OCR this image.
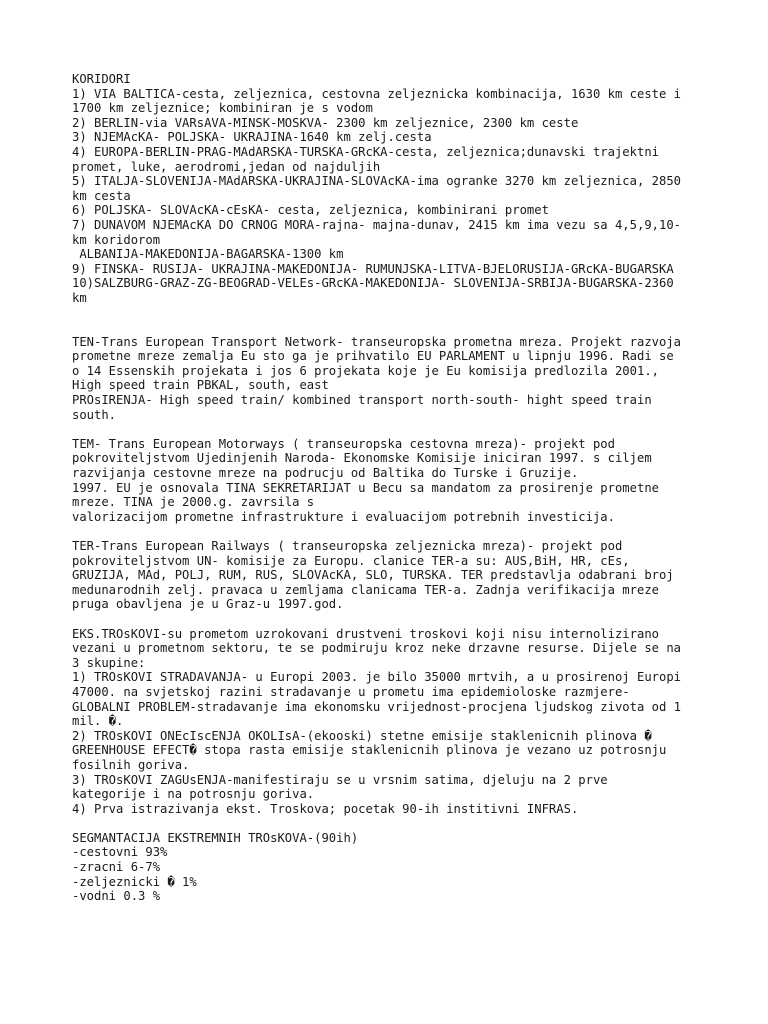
KORIDORI
1) VIA BALTICA-cesta, zeljeznica, cestovna zeljeznicka kombinacija, 1630 km ceste i
1700 km zeljeznice; kombiniran je s vodom
2) BERLIN-via VARsAVA-MINSK-MOSKVA- 2300 km zeljeznice, 2300 km ceste
3) NJEMAcKA- POLJSKA- UKRAJINA-1640 km zelj.cesta
4) EUROPA-BERLIN-PRAG-MAdARSKA-TURSKA-GRcKA-cesta, zeljeznica;dunavski trajektni
promet, luke, aerodromi,jedan od najduljih
5) ITALJA-SLOVENIJA-MAdARSKA-UKRAJINA-SLOVAcKA-ima ogranke 3270 km zeljeznica, 2850
km cesta
6) POLJSKA- SLOVAcKA-cEsKA- cesta, zeljeznica, kombinirani promet
7) DUNAVOM NJEMAcKA DO CRNOG MORA-rajna- majna-dunav, 2415 km ima vezu sa 4,5,9,10-
km koridorom
ALBANIJA-MAKEDONIJA-BAGARSKA-1300 km
9) FINSKA- RUSIJA- UKRAJINA-MAKEDONIJA- RUMUNJSKA-LITVA-BJELORUSIJA-GRcKA-BUGARSKA
10)SALZBURG-GRAZ-ZG-BEOGRAD-VELEs-GRcKA-MAKEDONIJA- SLOVENIJA-SRBIJA-BUGARSKA-2360
km
TEN-Trans European Transport Network- transeuropska prometna mreza. Projekt razvoja
prometne mreze zemalja Eu sto ga je prihvatilo EU PARLAMENT u lipnju 1996. Radi se
o 14 Essenskih projekata i jos 6 projekata koje je Eu komisija predlozila 2001.,
High speed train PBKAL, south, east
PROsIRENJA- High speed train/ kombined transport north-south- hight speed train
south.
TEM- Trans European Motorways ( transeuropska cestovna mreza)- projekt pod
pokroviteljstvom Ujedinjenih Naroda- Ekonomske Komisije iniciran 1997. s ciljem
razvijanja cestovne mreze na podrucju od Baltika do Turske i Gruzije.
1997. EU je osnovala TINA SEKRETARIJAT u Becu sa mandatom za prosirenje prometne
mreze. TINA je 2000.g. zavrsila s
valorizacijom prometne infrastrukture i evaluacijom potrebnih investicija.
TER-Trans European Railways ( transeuropska zeljeznicka mreza)- projekt pod
pokroviteljstvom UN- komisije za Europu. clanice TER-a su: AUS,BiH, HR, cEs,
GRUZIJA, MAd, POLJ, RUM, RUS, SLOVAcKA, SLO, TURSKA. TER predstavlja odabrani broj
medunarodnih zelj. pravaca u zemljama clanicama TER-a. Zadnja verifikacija mreze
pruga obavljena je u Graz-u 1997.god.
EKS.TROsKOVI-su prometom uzrokovani drustveni troskovi koji nisu internolizirano
vezani u prometnom sektoru, te se podmiruju kroz neke drzavne resurse. Dijele se na
3 skupine:
1) TROsKOVI STRADAVANJA- u Europi 2003. je bilo 35000 mrtvih, a u prosirenoj Europi
47000. na svjetskoj razini stradavanje u prometu ima epidemioloske razmjere-
GLOBALNI PROBLEM-stradavanje ima ekonomsku vrijednost-procjena ljudskog zivota od 1
mil. �.
2) TROsKOVI ONEcIscENJA OKOLIsA-(ekooski) stetne emisije staklenicnih plinova �
GREENHOUSE EFECT� stopa rasta emisije staklenicnih plinova je vezano uz potrosnju
fosilnih goriva.
3) TROsKOVI ZAGUsENJA-manifestiraju se u vrsnim satima, djeluju na 2 prve
kategorije i na potrosnju goriva.
4) Prva istrazivanja ekst. Troskova; pocetak 90-ih institivni INFRAS.
SEGMANTACIJA EKSTREMNIH TROsKOVA-(90ih)
-cestovni 93%
-zracni 6-7%
-zeljeznicki � 1%
-vodni 0.3 %
